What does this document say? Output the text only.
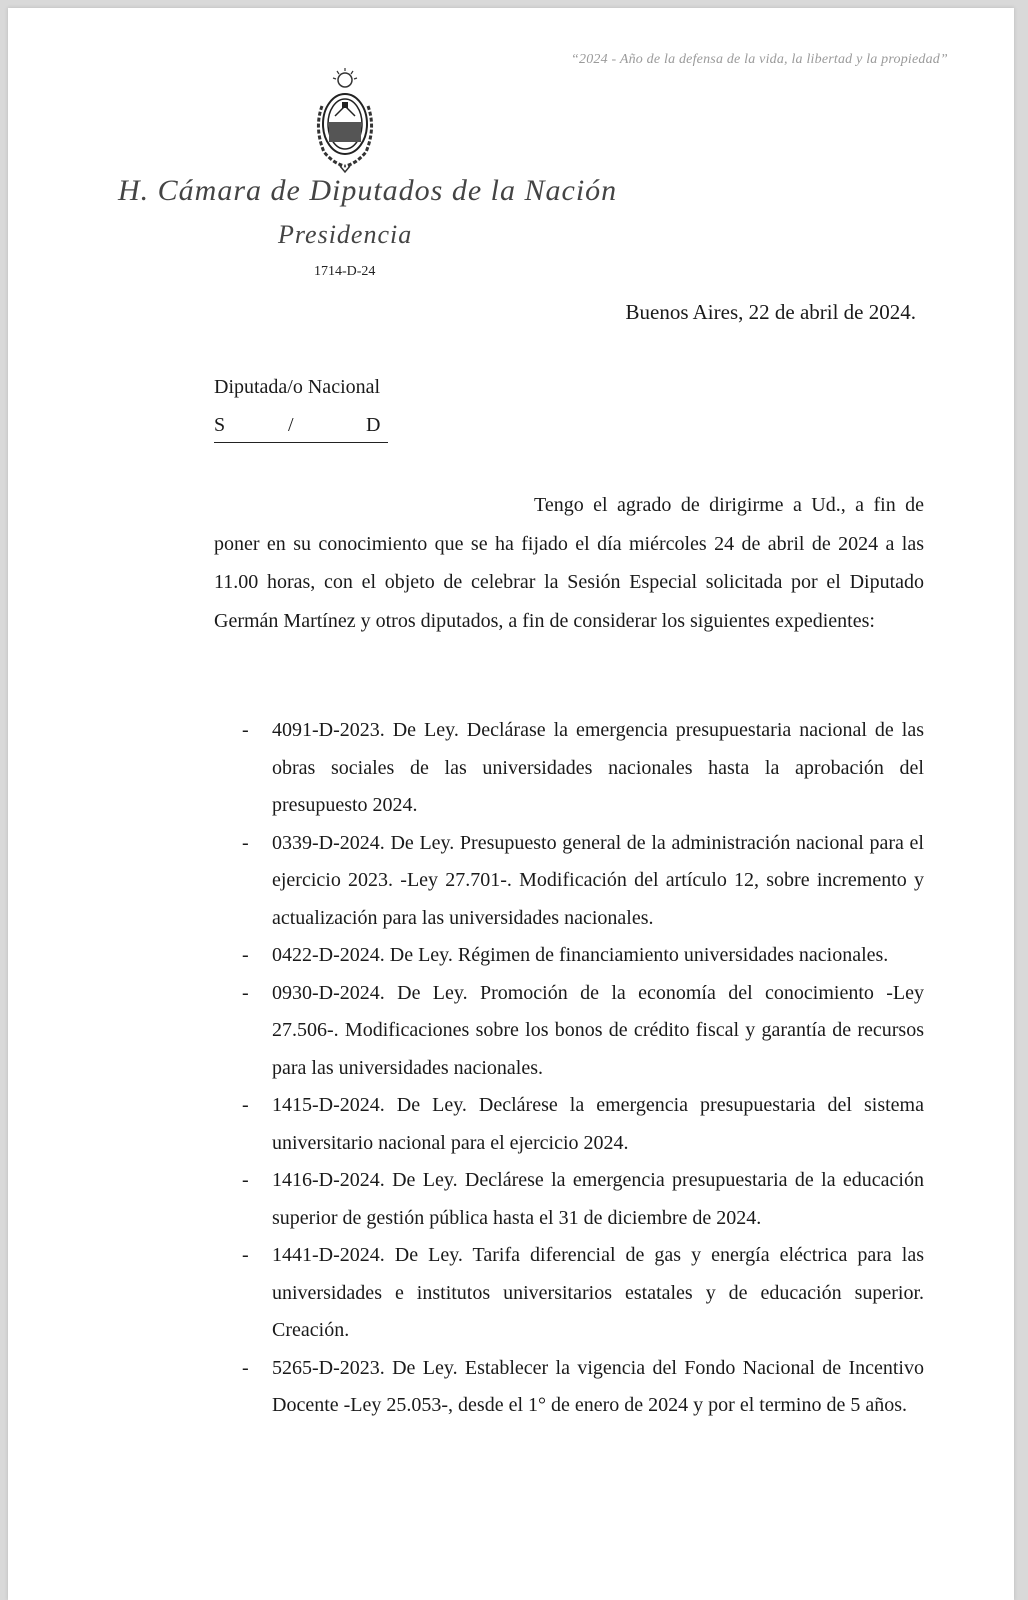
“2024 - Año de la defensa de la vida, la libertad y la propiedad”
H. Cámara de Diputados de la Nación
Presidencia
1714-D-24
Buenos Aires, 22 de abril de 2024.
Diputada/o Nacional
S	/	D
Tengo el agrado de dirigirme a Ud., a fin de poner en su conocimiento que se ha fijado el día miércoles 24 de abril de 2024 a las 11.00 horas, con el objeto de celebrar la Sesión Especial solicitada por el Diputado Germán Martínez y otros diputados, a fin de considerar los siguientes expedientes:
- 4091-D-2023. De Ley. Declárase la emergencia presupuestaria nacional de las obras sociales de las universidades nacionales hasta la aprobación del presupuesto 2024.
- 0339-D-2024. De Ley. Presupuesto general de la administración nacional para el ejercicio 2023. -Ley 27.701-. Modificación del artículo 12, sobre incremento y actualización para las universidades nacionales.
- 0422-D-2024. De Ley. Régimen de financiamiento universidades nacionales.
- 0930-D-2024. De Ley. Promoción de la economía del conocimiento -Ley 27.506-. Modificaciones sobre los bonos de crédito fiscal y garantía de recursos para las universidades nacionales.
- 1415-D-2024. De Ley. Declárese la emergencia presupuestaria del sistema universitario nacional para el ejercicio 2024.
- 1416-D-2024. De Ley. Declárese la emergencia presupuestaria de la educación superior de gestión pública hasta el 31 de diciembre de 2024.
- 1441-D-2024. De Ley. Tarifa diferencial de gas y energía eléctrica para las universidades e institutos universitarios estatales y de educación superior. Creación.
- 5265-D-2023. De Ley. Establecer la vigencia del Fondo Nacional de Incentivo Docente -Ley 25.053-, desde el 1° de enero de 2024 y por el termino de 5 años.
